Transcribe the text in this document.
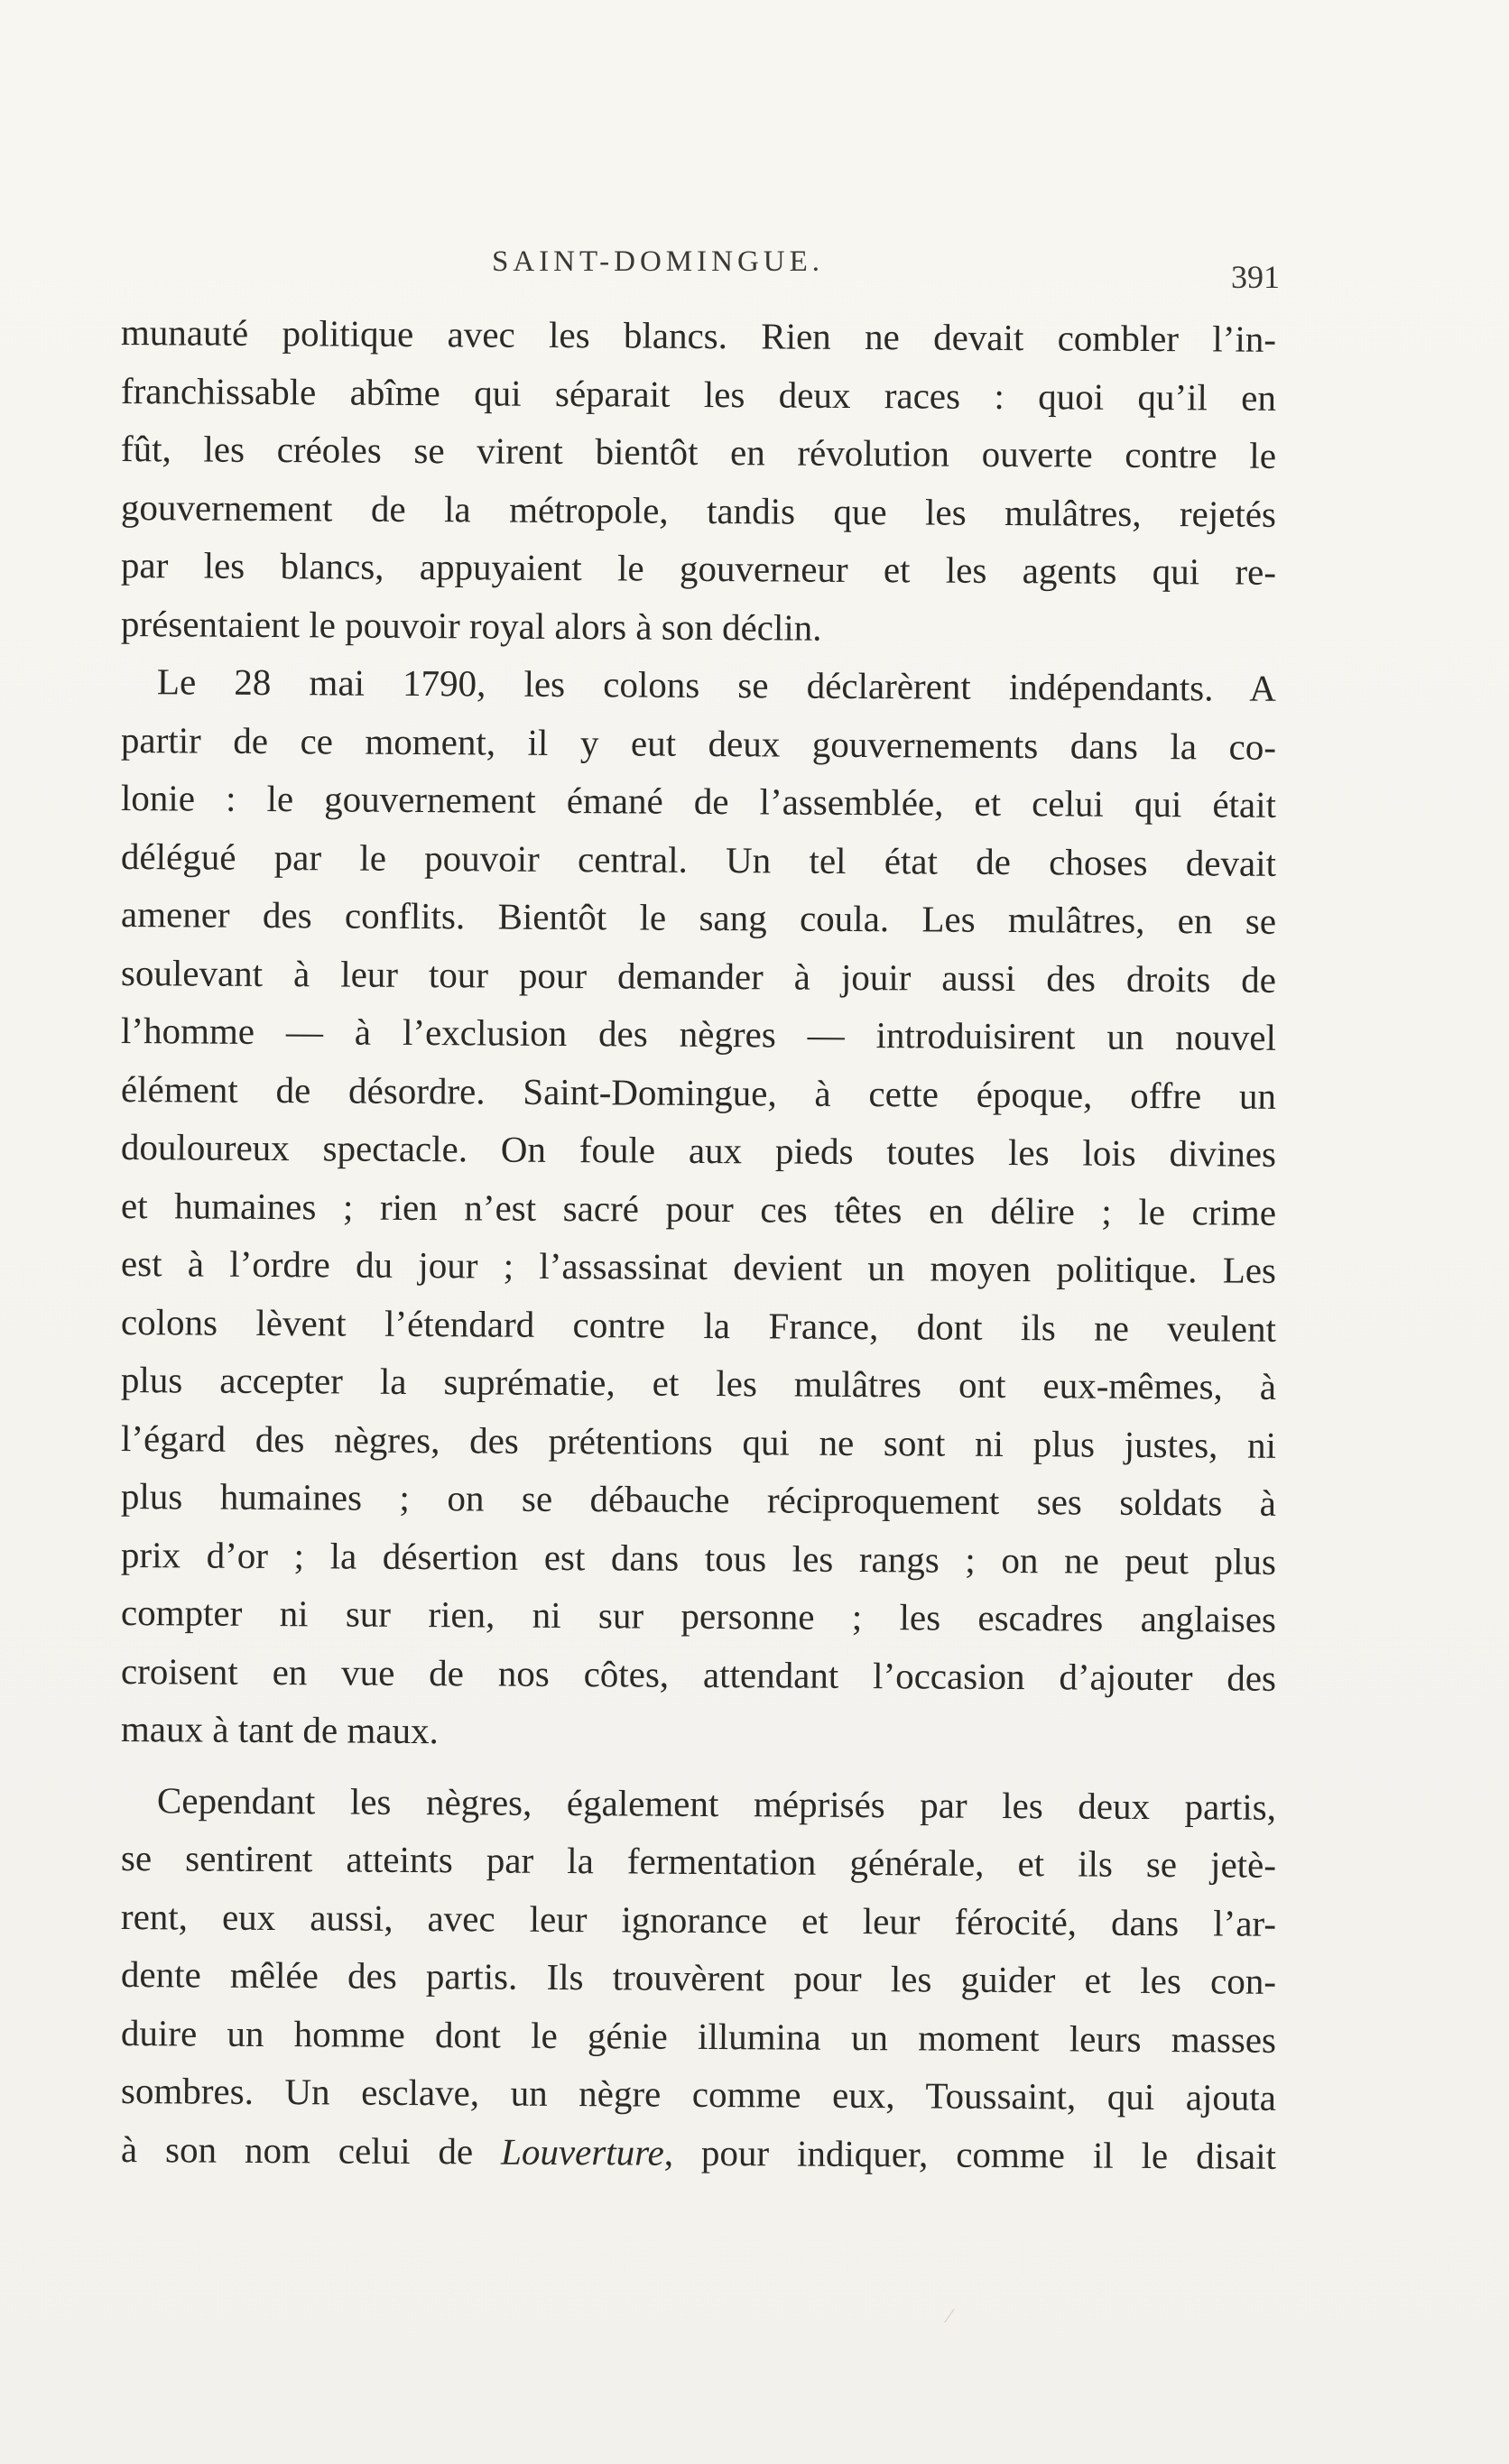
SAINT-DOMINGUE.	391
munauté politique avec les blancs. Rien ne devait combler l’in-
franchissable abîme qui séparait les deux races : quoi qu’il en
fût, les créoles se virent bientôt en révolution ouverte contre le
gouvernement de la métropole, tandis que les mulâtres, rejetés
par les blancs, appuyaient le gouverneur et les agents qui re-
présentaient le pouvoir royal alors à son déclin.
Le 28 mai 1790, les colons se déclarèrent indépendants. A
partir de ce moment, il y eut deux gouvernements dans la co-
lonie : le gouvernement émané de l’assemblée, et celui qui était
délégué par le pouvoir central. Un tel état de choses devait
amener des conflits. Bientôt le sang coula. Les mulâtres, en se
soulevant à leur tour pour demander à jouir aussi des droits de
l’homme — à l’exclusion des nègres — introduisirent un nouvel
élément de désordre. Saint-Domingue, à cette époque, offre un
douloureux spectacle. On foule aux pieds toutes les lois divines
et humaines ; rien n’est sacré pour ces têtes en délire ; le crime
est à l’ordre du jour ; l’assassinat devient un moyen politique. Les
colons lèvent l’étendard contre la France, dont ils ne veulent
plus accepter la suprématie, et les mulâtres ont eux-mêmes, à
l’égard des nègres, des prétentions qui ne sont ni plus justes, ni
plus humaines ; on se débauche réciproquement ses soldats à
prix d’or ; la désertion est dans tous les rangs ; on ne peut plus
compter ni sur rien, ni sur personne ; les escadres anglaises
croisent en vue de nos côtes, attendant l’occasion d’ajouter des
maux à tant de maux.
Cependant les nègres, également méprisés par les deux partis,
se sentirent atteints par la fermentation générale, et ils se jetè-
rent, eux aussi, avec leur ignorance et leur férocité, dans l’ar-
dente mêlée des partis. Ils trouvèrent pour les guider et les con-
duire un homme dont le génie illumina un moment leurs masses
sombres. Un esclave, un nègre comme eux, Toussaint, qui ajouta
à son nom celui de Louverture, pour indiquer, comme il le disait
⁄
